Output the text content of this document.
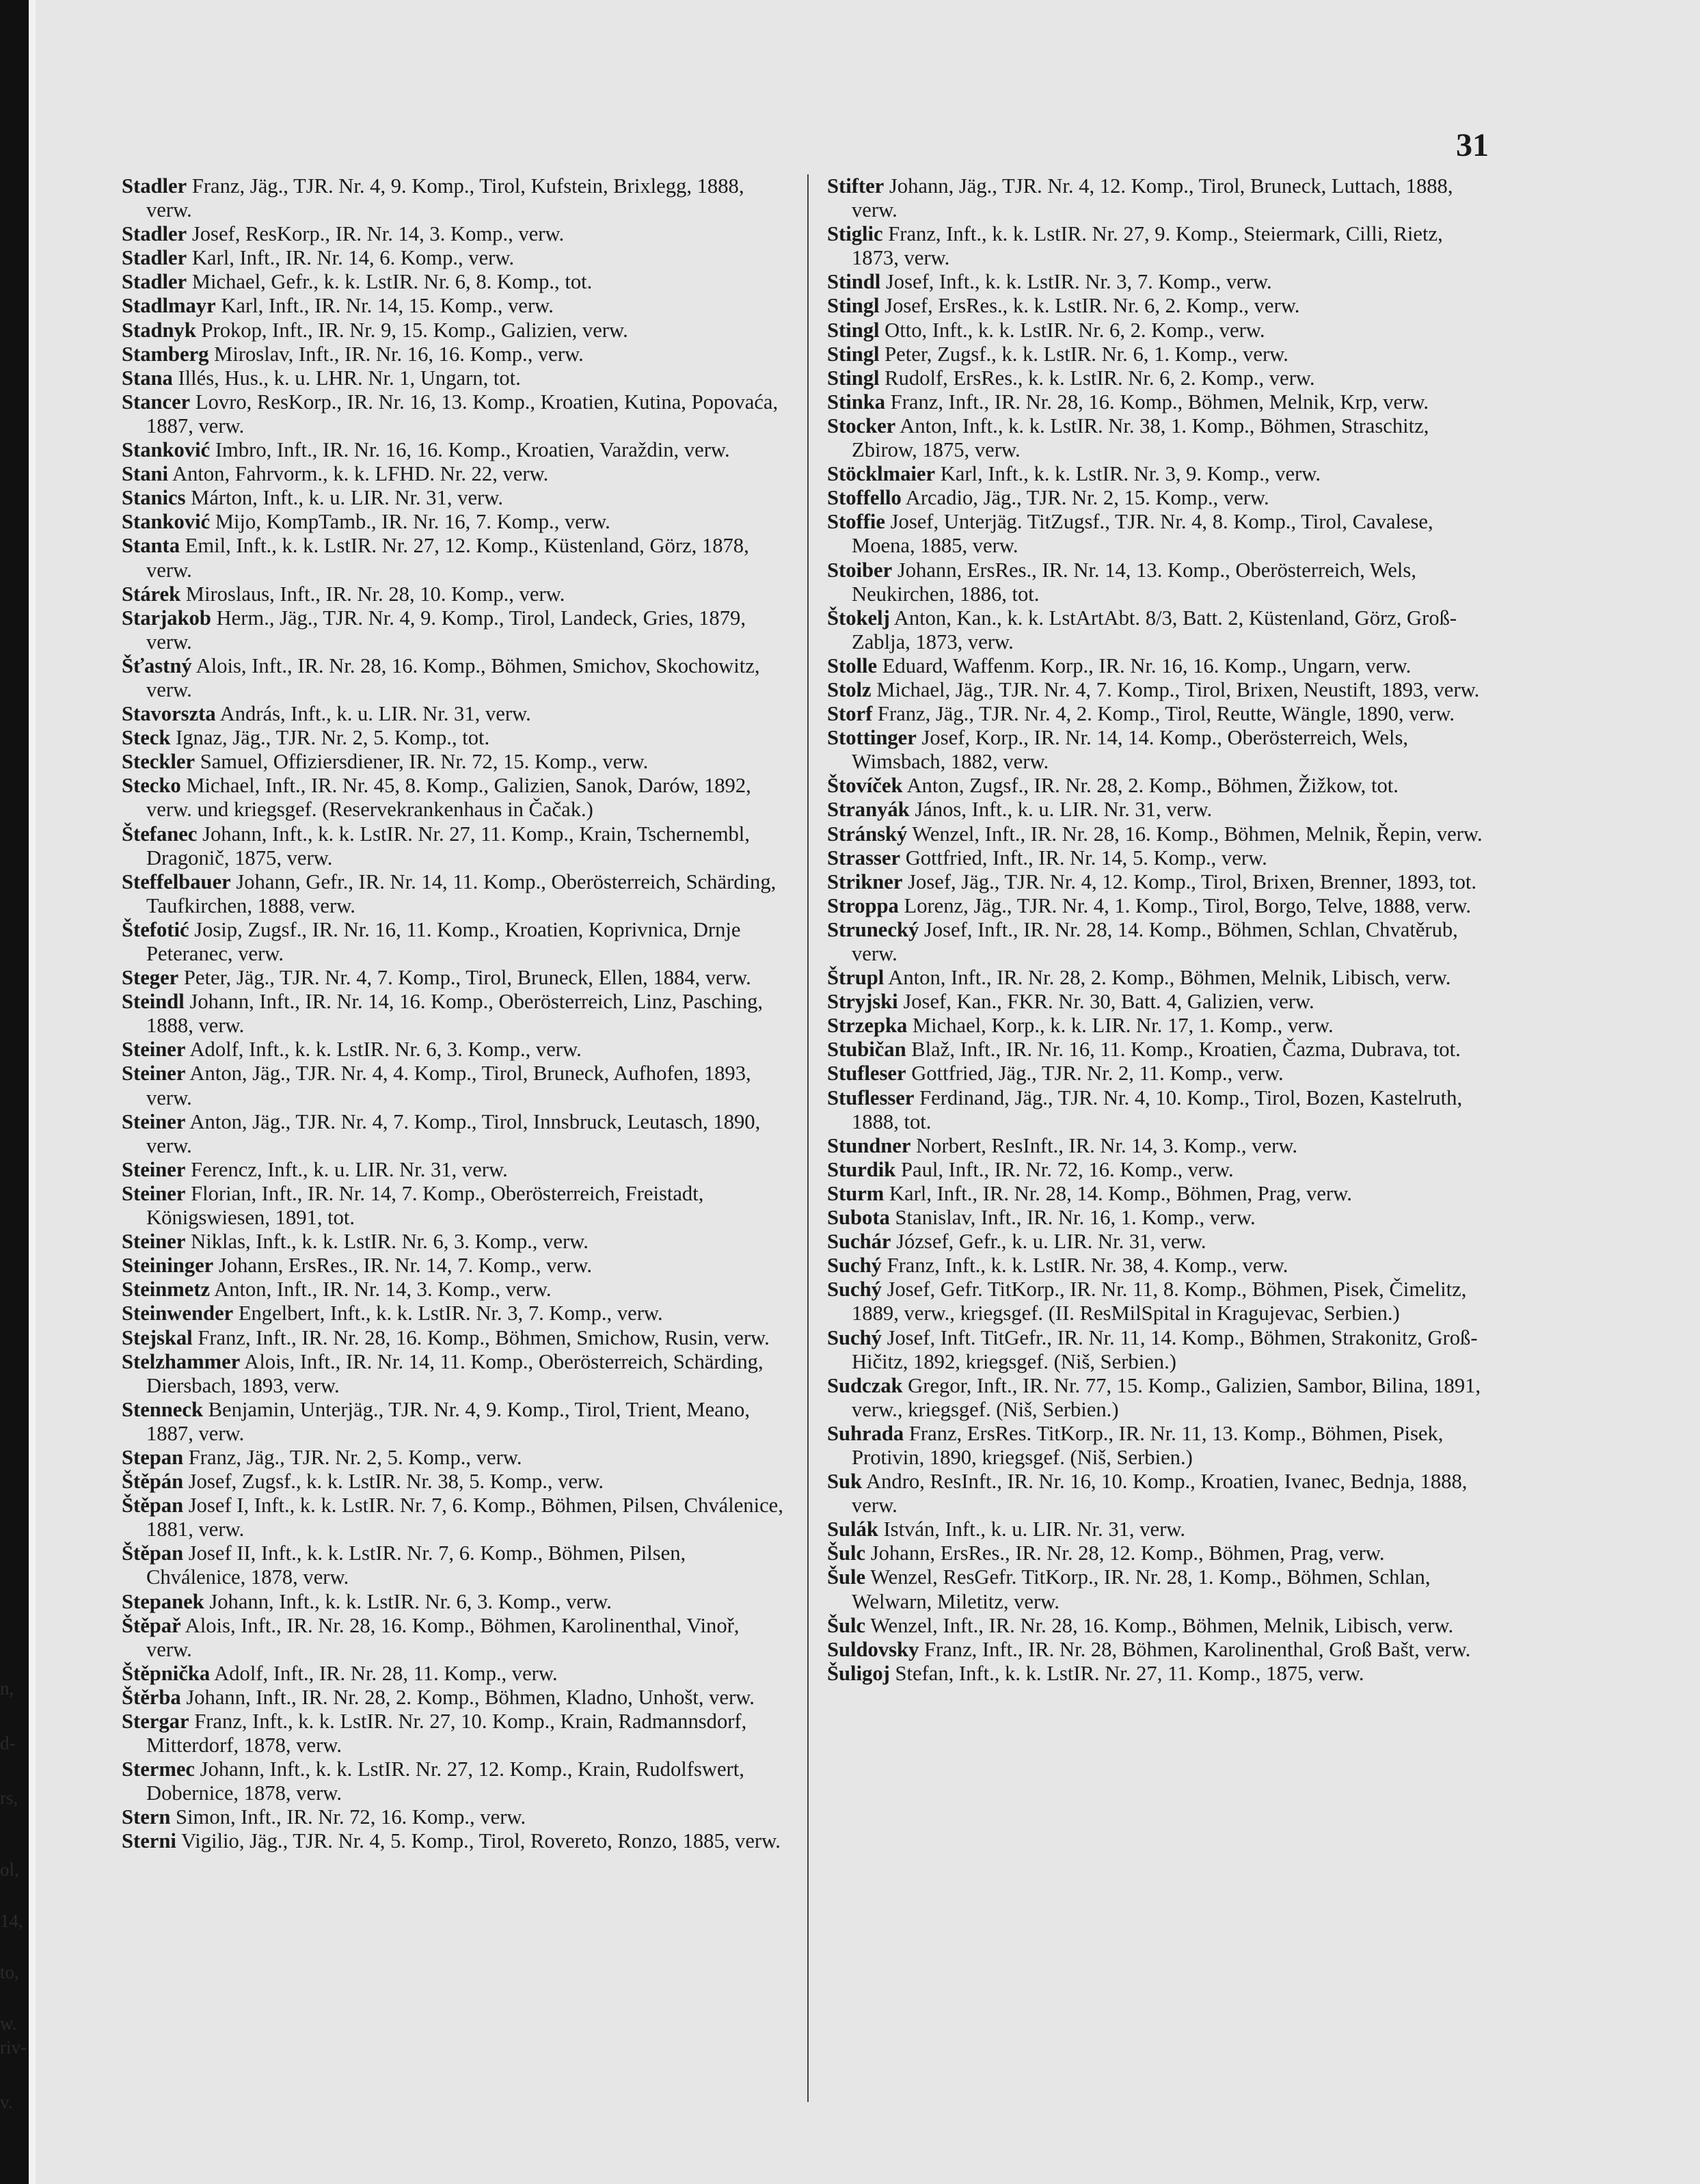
n,
d-
rs,
ol,
14,
to,
w.
riv-
v.
31

Stadler Franz, Jäg., TJR. Nr. 4, 9. Komp., Tirol, Kufstein, Brixlegg, 1888, verw.

Stadler Josef, ResKorp., IR. Nr. 14, 3. Komp., verw.

Stadler Karl, Inft., IR. Nr. 14, 6. Komp., verw.

Stadler Michael, Gefr., k. k. LstIR. Nr. 6, 8. Komp., tot.

Stadlmayr Karl, Inft., IR. Nr. 14, 15. Komp., verw.

Stadnyk Prokop, Inft., IR. Nr. 9, 15. Komp., Galizien, verw.

Stamberg Miroslav, Inft., IR. Nr. 16, 16. Komp., verw.

Stana Illés, Hus., k. u. LHR. Nr. 1, Ungarn, tot.

Stancer Lovro, ResKorp., IR. Nr. 16, 13. Komp., Kroatien, Kutina, Popovaća, 1887, verw.

Stanković Imbro, Inft., IR. Nr. 16, 16. Komp., Kroatien, Varaždin, verw.

Stani Anton, Fahrvorm., k. k. LFHD. Nr. 22, verw.

Stanics Márton, Inft., k. u. LIR. Nr. 31, verw.

Stanković Mijo, KompTamb., IR. Nr. 16, 7. Komp., verw.

Stanta Emil, Inft., k. k. LstIR. Nr. 27, 12. Komp., Küstenland, Görz, 1878, verw.

Stárek Miroslaus, Inft., IR. Nr. 28, 10. Komp., verw.

Starjakob Herm., Jäg., TJR. Nr. 4, 9. Komp., Tirol, Landeck, Gries, 1879, verw.

Šťastný Alois, Inft., IR. Nr. 28, 16. Komp., Böhmen, Smichov, Skochowitz, verw.

Stavorszta András, Inft., k. u. LIR. Nr. 31, verw.

Steck Ignaz, Jäg., TJR. Nr. 2, 5. Komp., tot.

Steckler Samuel, Offiziersdiener, IR. Nr. 72, 15. Komp., verw.

Stecko Michael, Inft., IR. Nr. 45, 8. Komp., Galizien, Sanok, Darów, 1892, verw. und kriegsgef. (Reservekrankenhaus in Čačak.)

Štefanec Johann, Inft., k. k. LstIR. Nr. 27, 11. Komp., Krain, Tschernembl, Dragonič, 1875, verw.

Steffelbauer Johann, Gefr., IR. Nr. 14, 11. Komp., Oberösterreich, Schärding, Taufkirchen, 1888, verw.

Štefotić Josip, Zugsf., IR. Nr. 16, 11. Komp., Kroatien, Koprivnica, Drnje Peteranec, verw.

Steger Peter, Jäg., TJR. Nr. 4, 7. Komp., Tirol, Bruneck, Ellen, 1884, verw.

Steindl Johann, Inft., IR. Nr. 14, 16. Komp., Oberösterreich, Linz, Pasching, 1888, verw.

Steiner Adolf, Inft., k. k. LstIR. Nr. 6, 3. Komp., verw.

Steiner Anton, Jäg., TJR. Nr. 4, 4. Komp., Tirol, Bruneck, Aufhofen, 1893, verw.

Steiner Anton, Jäg., TJR. Nr. 4, 7. Komp., Tirol, Innsbruck, Leutasch, 1890, verw.

Steiner Ferencz, Inft., k. u. LIR. Nr. 31, verw.

Steiner Florian, Inft., IR. Nr. 14, 7. Komp., Oberösterreich, Freistadt, Königswiesen, 1891, tot.

Steiner Niklas, Inft., k. k. LstIR. Nr. 6, 3. Komp., verw.

Steininger Johann, ErsRes., IR. Nr. 14, 7. Komp., verw.

Steinmetz Anton, Inft., IR. Nr. 14, 3. Komp., verw.

Steinwender Engelbert, Inft., k. k. LstIR. Nr. 3, 7. Komp., verw.

Stejskal Franz, Inft., IR. Nr. 28, 16. Komp., Böhmen, Smichow, Rusin, verw.

Stelzhammer Alois, Inft., IR. Nr. 14, 11. Komp., Oberösterreich, Schärding, Diersbach, 1893, verw.

Stenneck Benjamin, Unterjäg., TJR. Nr. 4, 9. Komp., Tirol, Trient, Meano, 1887, verw.

Stepan Franz, Jäg., TJR. Nr. 2, 5. Komp., verw.

Štěpán Josef, Zugsf., k. k. LstIR. Nr. 38, 5. Komp., verw.

Štěpan Josef I, Inft., k. k. LstIR. Nr. 7, 6. Komp., Böhmen, Pilsen, Chválenice, 1881, verw.

Štěpan Josef II, Inft., k. k. LstIR. Nr. 7, 6. Komp., Böhmen, Pilsen, Chválenice, 1878, verw.

Stepanek Johann, Inft., k. k. LstIR. Nr. 6, 3. Komp., verw.

Štěpař Alois, Inft., IR. Nr. 28, 16. Komp., Böhmen, Karolinenthal, Vinoř, verw.

Štěpnička Adolf, Inft., IR. Nr. 28, 11. Komp., verw.

Štěrba Johann, Inft., IR. Nr. 28, 2. Komp., Böhmen, Kladno, Unhošt, verw.

Stergar Franz, Inft., k. k. LstIR. Nr. 27, 10. Komp., Krain, Radmannsdorf, Mitterdorf, 1878, verw.

Stermec Johann, Inft., k. k. LstIR. Nr. 27, 12. Komp., Krain, Rudolfswert, Dobernice, 1878, verw.

Stern Simon, Inft., IR. Nr. 72, 16. Komp., verw.

Sterni Vigilio, Jäg., TJR. Nr. 4, 5. Komp., Tirol, Rovereto, Ronzo, 1885, verw.

Stifter Johann, Jäg., TJR. Nr. 4, 12. Komp., Tirol, Bruneck, Luttach, 1888, verw.

Stiglic Franz, Inft., k. k. LstIR. Nr. 27, 9. Komp., Steiermark, Cilli, Rietz, 1873, verw.

Stindl Josef, Inft., k. k. LstIR. Nr. 3, 7. Komp., verw.

Stingl Josef, ErsRes., k. k. LstIR. Nr. 6, 2. Komp., verw.

Stingl Otto, Inft., k. k. LstIR. Nr. 6, 2. Komp., verw.

Stingl Peter, Zugsf., k. k. LstIR. Nr. 6, 1. Komp., verw.

Stingl Rudolf, ErsRes., k. k. LstIR. Nr. 6, 2. Komp., verw.

Stinka Franz, Inft., IR. Nr. 28, 16. Komp., Böhmen, Melnik, Krp, verw.

Stocker Anton, Inft., k. k. LstIR. Nr. 38, 1. Komp., Böhmen, Straschitz, Zbirow, 1875, verw.

Stöcklmaier Karl, Inft., k. k. LstIR. Nr. 3, 9. Komp., verw.

Stoffello Arcadio, Jäg., TJR. Nr. 2, 15. Komp., verw.

Stoffie Josef, Unterjäg. TitZugsf., TJR. Nr. 4, 8. Komp., Tirol, Cavalese, Moena, 1885, verw.

Stoiber Johann, ErsRes., IR. Nr. 14, 13. Komp., Oberösterreich, Wels, Neukirchen, 1886, tot.

Štokelj Anton, Kan., k. k. LstArtAbt. 8/3, Batt. 2, Küstenland, Görz, Groß-Zablja, 1873, verw.

Stolle Eduard, Waffenm. Korp., IR. Nr. 16, 16. Komp., Ungarn, verw.

Stolz Michael, Jäg., TJR. Nr. 4, 7. Komp., Tirol, Brixen, Neustift, 1893, verw.

Storf Franz, Jäg., TJR. Nr. 4, 2. Komp., Tirol, Reutte, Wängle, 1890, verw.

Stottinger Josef, Korp., IR. Nr. 14, 14. Komp., Oberösterreich, Wels, Wimsbach, 1882, verw.

Štovíček Anton, Zugsf., IR. Nr. 28, 2. Komp., Böhmen, Žižkow, tot.

Stranyák János, Inft., k. u. LIR. Nr. 31, verw.

Stránský Wenzel, Inft., IR. Nr. 28, 16. Komp., Böhmen, Melnik, Řepin, verw.

Strasser Gottfried, Inft., IR. Nr. 14, 5. Komp., verw.

Strikner Josef, Jäg., TJR. Nr. 4, 12. Komp., Tirol, Brixen, Brenner, 1893, tot.

Stroppa Lorenz, Jäg., TJR. Nr. 4, 1. Komp., Tirol, Borgo, Telve, 1888, verw.

Strunecký Josef, Inft., IR. Nr. 28, 14. Komp., Böhmen, Schlan, Chvatěrub, verw.

Štrupl Anton, Inft., IR. Nr. 28, 2. Komp., Böhmen, Melnik, Libisch, verw.

Stryjski Josef, Kan., FKR. Nr. 30, Batt. 4, Galizien, verw.

Strzepka Michael, Korp., k. k. LIR. Nr. 17, 1. Komp., verw.

Stubičan Blaž, Inft., IR. Nr. 16, 11. Komp., Kroatien, Čazma, Dubrava, tot.

Stufleser Gottfried, Jäg., TJR. Nr. 2, 11. Komp., verw.

Stuflesser Ferdinand, Jäg., TJR. Nr. 4, 10. Komp., Tirol, Bozen, Kastelruth, 1888, tot.

Stundner Norbert, ResInft., IR. Nr. 14, 3. Komp., verw.

Sturdik Paul, Inft., IR. Nr. 72, 16. Komp., verw.

Sturm Karl, Inft., IR. Nr. 28, 14. Komp., Böhmen, Prag, verw.

Subota Stanislav, Inft., IR. Nr. 16, 1. Komp., verw.

Suchár József, Gefr., k. u. LIR. Nr. 31, verw.

Suchý Franz, Inft., k. k. LstIR. Nr. 38, 4. Komp., verw.

Suchý Josef, Gefr. TitKorp., IR. Nr. 11, 8. Komp., Böhmen, Pisek, Čimelitz, 1889, verw., kriegsgef. (II. ResMilSpital in Kragujevac, Serbien.)

Suchý Josef, Inft. TitGefr., IR. Nr. 11, 14. Komp., Böhmen, Strakonitz, Groß-Hičitz, 1892, kriegsgef. (Niš, Serbien.)

Sudczak Gregor, Inft., IR. Nr. 77, 15. Komp., Galizien, Sambor, Bilina, 1891, verw., kriegsgef. (Niš, Serbien.)

Suhrada Franz, ErsRes. TitKorp., IR. Nr. 11, 13. Komp., Böhmen, Pisek, Protivin, 1890, kriegsgef. (Niš, Serbien.)

Suk Andro, ResInft., IR. Nr. 16, 10. Komp., Kroatien, Ivanec, Bednja, 1888, verw.

Sulák István, Inft., k. u. LIR. Nr. 31, verw.

Šulc Johann, ErsRes., IR. Nr. 28, 12. Komp., Böhmen, Prag, verw.

Šule Wenzel, ResGefr. TitKorp., IR. Nr. 28, 1. Komp., Böhmen, Schlan, Welwarn, Miletitz, verw.

Šulc Wenzel, Inft., IR. Nr. 28, 16. Komp., Böhmen, Melnik, Libisch, verw.

Suldovsky Franz, Inft., IR. Nr. 28, Böhmen, Karolinenthal, Groß Bašt, verw.

Šuligoj Stefan, Inft., k. k. LstIR. Nr. 27, 11. Komp., 1875, verw.
